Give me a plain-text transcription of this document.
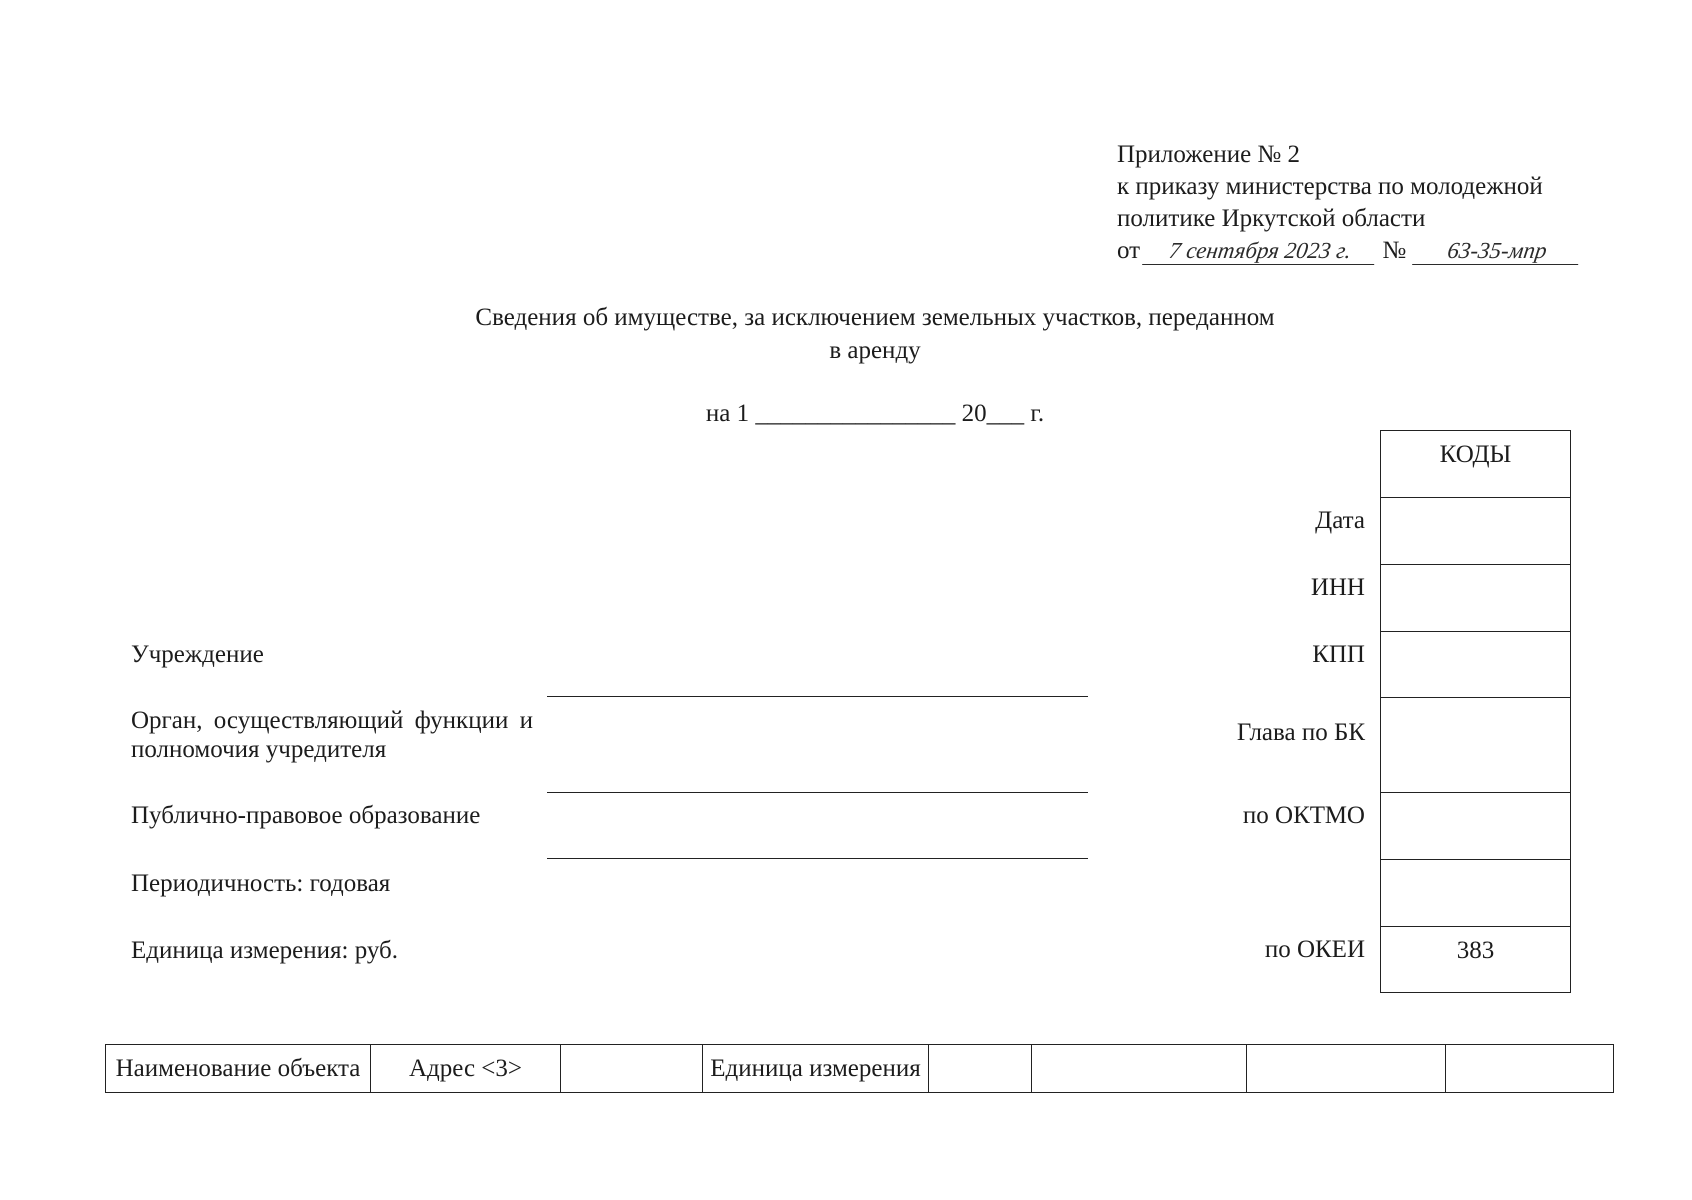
Приложение № 2
к приказу министерства по молодежной
политике Иркутской области
от 7 сентября 2023 г. № 63-35-мпр
Сведения об имуществе, за исключением земельных участков, переданном
в аренду
на 1 ________________ 20___ г.
КОДЫ
Дата
ИНН
КПП
Глава по БК
по ОКТМО
по ОКЕИ	383
Учреждение
Орган, осуществляющий функции и полномочия учредителя
Публично-правовое образование
Периодичность: годовая
Единица измерения: руб.
Наименование объекта	Адрес <3>		Единица измерения				
